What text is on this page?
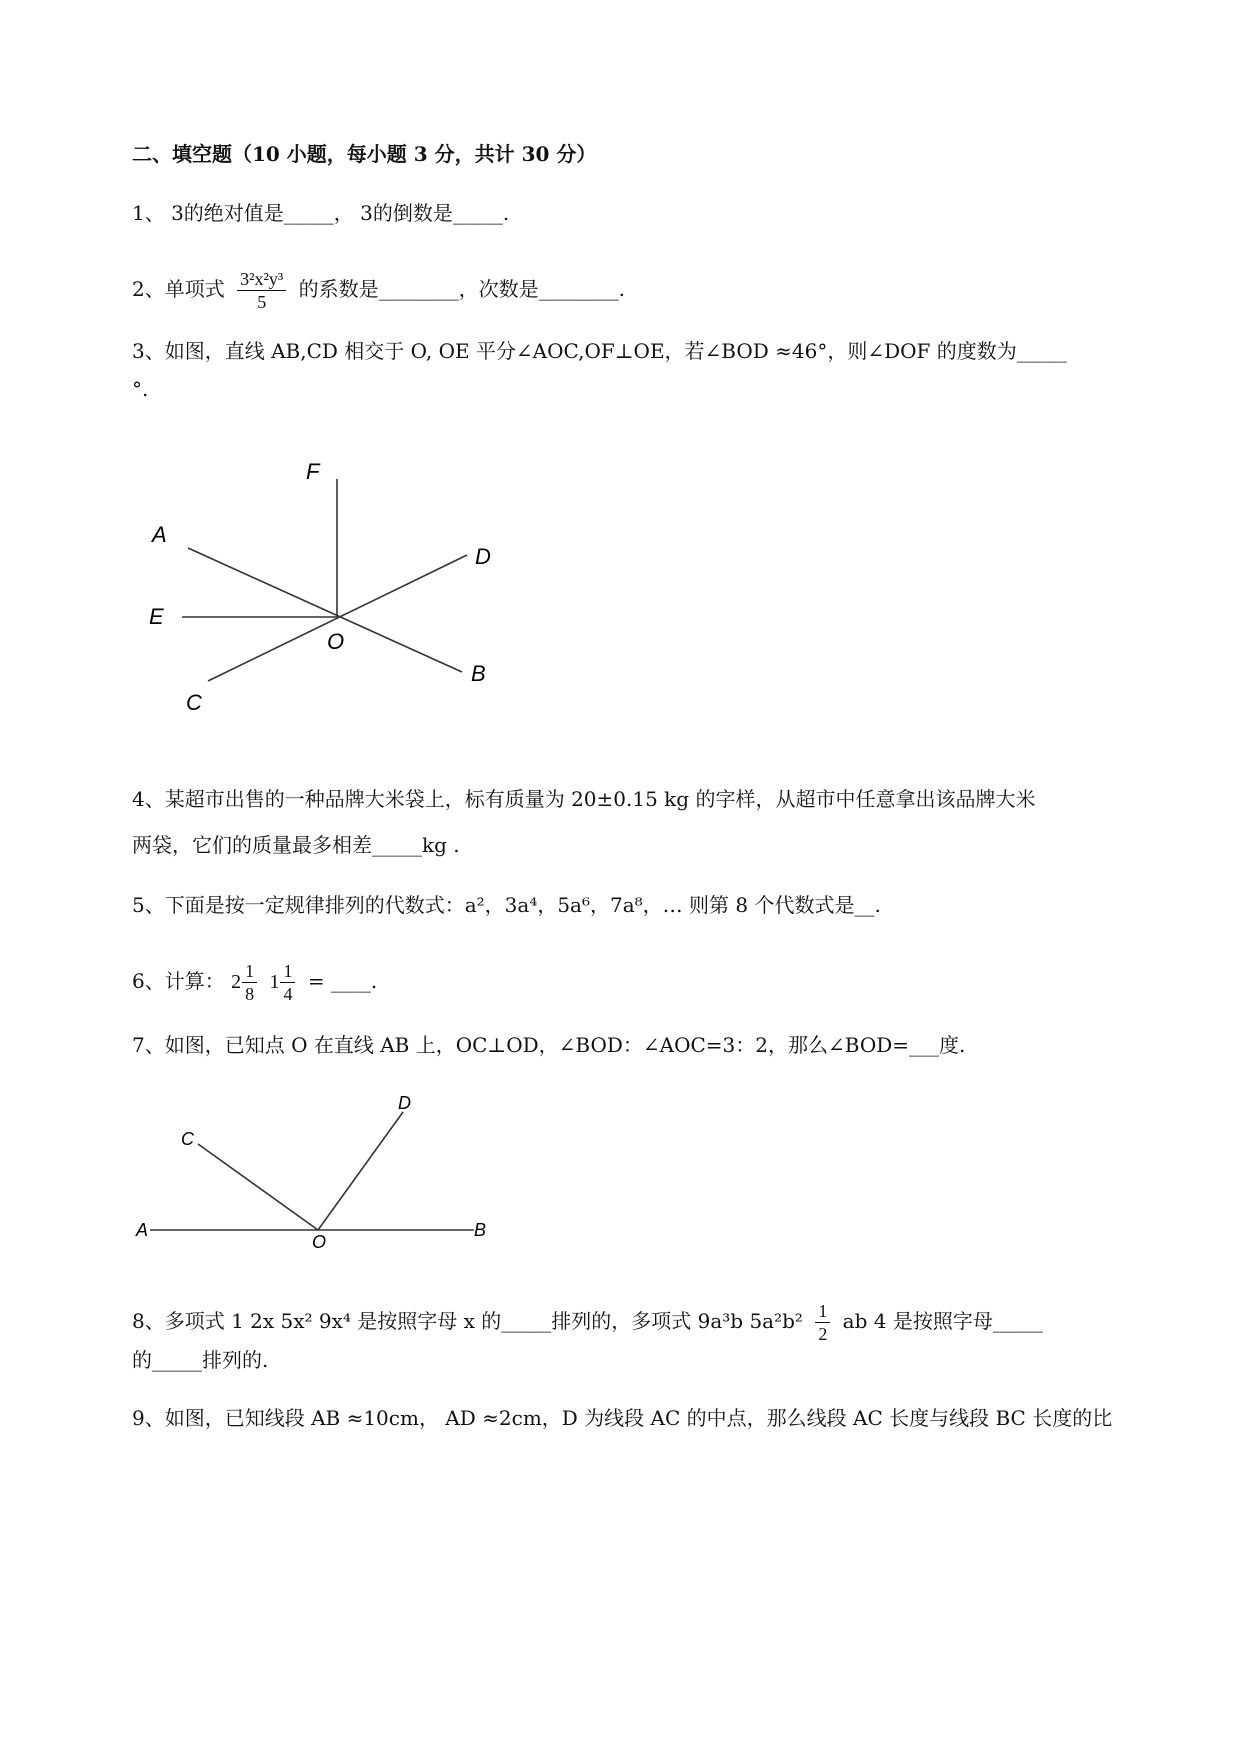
二、填空题（10 小题，每小题 3 分，共计 30 分）
1、 3的绝对值是_____， 3的倒数是_____.
2、单项式 $\frac{\text{3²x²y³}}{5}$ 的系数是________，次数是________.
3、如图，直线 AB,CD 相交于 O, OE 平分∠AOC,OF⊥OE，若∠BOD ≈46°，则∠DOF 的度数为_____
°.
F
A
D
E
O
B
C
4、某超市出售的一种品牌大米袋上，标有质量为 20±0.15 kg 的字样，从超市中任意拿出该品牌大米
两袋，它们的质量最多相差_____kg .
5、下面是按一定规律排列的代数式：a²，3a⁴，5a⁶，7a⁸，… 则第 8 个代数式是__.
6、计算： $2 \frac{1}{8} 1 \frac{1}{4}$ = ____.
7、如图，已知点 O 在直线 AB 上，OC⊥OD，∠BOD：∠AOC=3：2，那么∠BOD=___度.
C
D
A
O
B
8、多项式 1 2x 5x² 9x⁴ 是按照字母 x 的_____排列的，多项式 9a³b $5a^2b^2 \frac{1}{2}$ ab 4 是按照字母_____
的_____排列的.
9、如图，已知线段 AB ≈10cm， AD ≈2cm，D 为线段 AC 的中点，那么线段 AC 长度与线段 BC 长度的比
